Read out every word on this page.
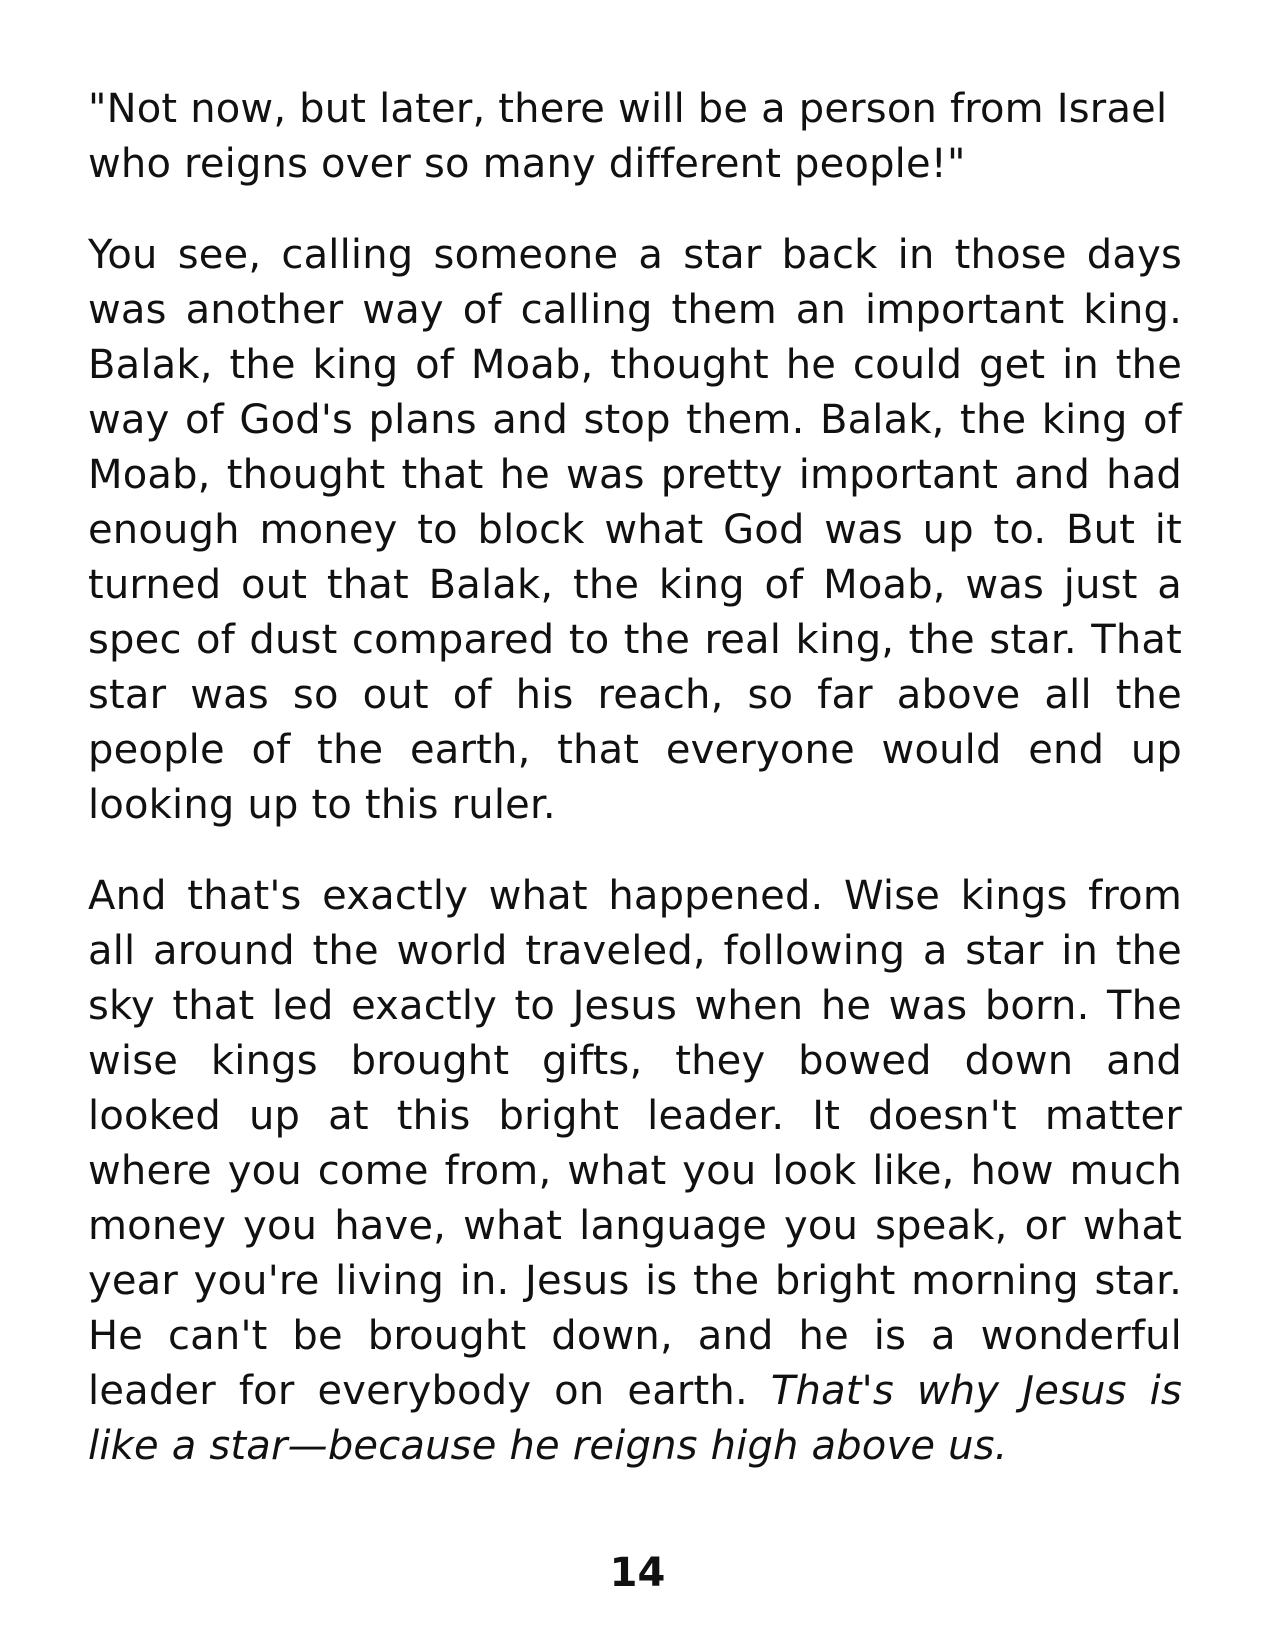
"Not now, but later, there will be a person from Israel who reigns over so many different people!"

You see, calling someone a star back in those days was another way of calling them an important king. Balak, the king of Moab, thought he could get in the way of God's plans and stop them. Balak, the king of Moab, thought that he was pretty important and had enough money to block what God was up to. But it turned out that Balak, the king of Moab, was just a spec of dust compared to the real king, the star. That star was so out of his reach, so far above all the people of the earth, that everyone would end up looking up to this ruler.

And that's exactly what happened. Wise kings from all around the world traveled, following a star in the sky that led exactly to Jesus when he was born. The wise kings brought gifts, they bowed down and looked up at this bright leader. It doesn't matter where you come from, what you look like, how much money you have, what language you speak, or what year you're living in. Jesus is the bright morning star. He can't be brought down, and he is a wonderful leader for everybody on earth. That's why Jesus is like a star—because he reigns high above us.

14
